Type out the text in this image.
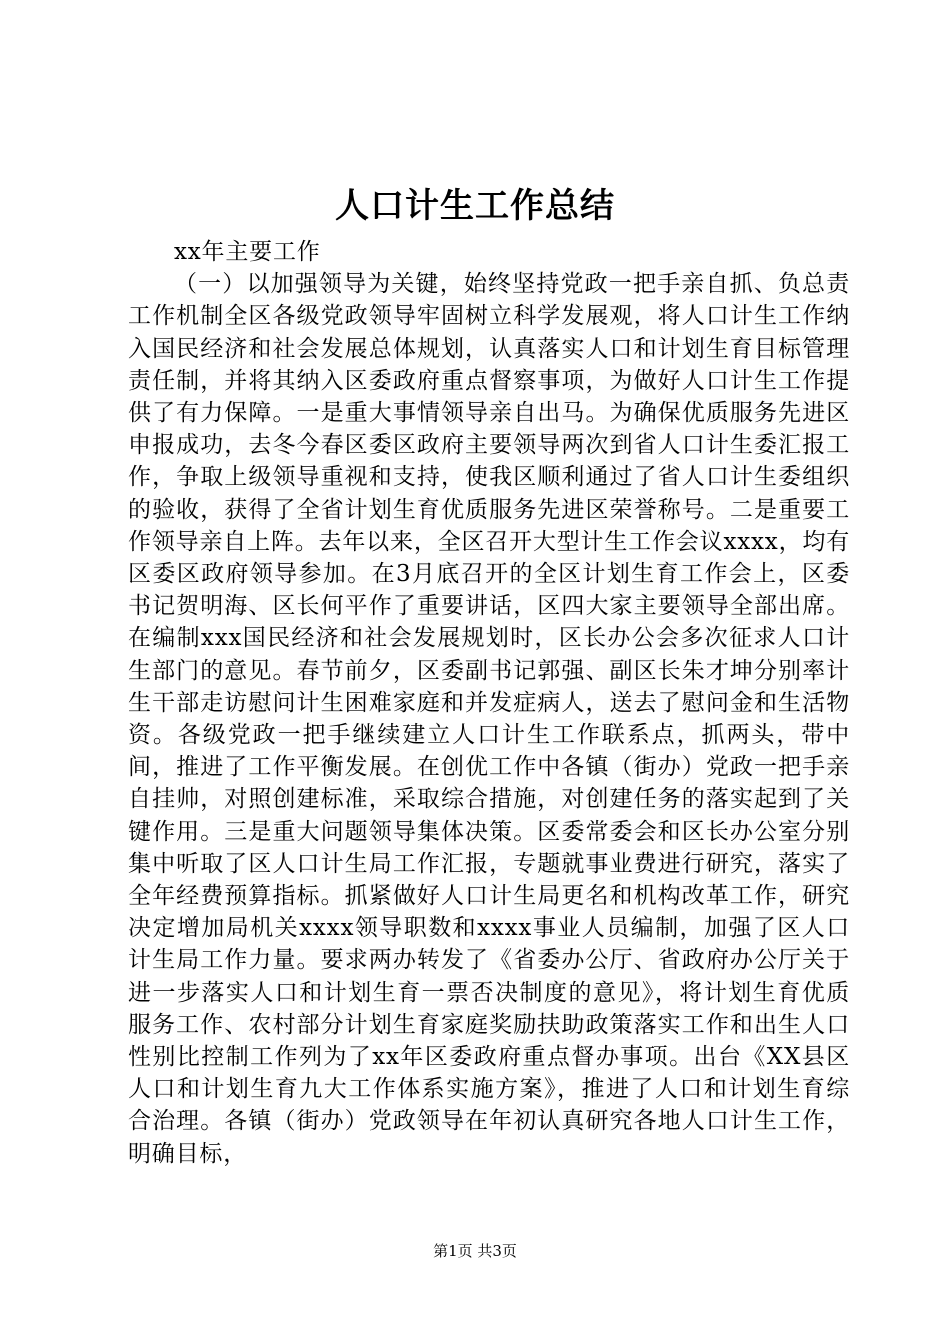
人口计生工作总结

xx年主要工作

（一）以加强领导为关键，始终坚持党政一把手亲自抓、负总责工作机制全区各级党政领导牢固树立科学发展观，将人口计生工作纳入国民经济和社会发展总体规划，认真落实人口和计划生育目标管理责任制，并将其纳入区委政府重点督察事项，为做好人口计生工作提供了有力保障。一是重大事情领导亲自出马。为确保优质服务先进区申报成功，去冬今春区委区政府主要领导两次到省人口计生委汇报工作，争取上级领导重视和支持，使我区顺利通过了省人口计生委组织的验收，获得了全省计划生育优质服务先进区荣誉称号。二是重要工作领导亲自上阵。去年以来，全区召开大型计生工作会议xxxx，均有区委区政府领导参加。在3月底召开的全区计划生育工作会上，区委书记贺明海、区长何平作了重要讲话，区四大家主要领导全部出席。在编制xxx国民经济和社会发展规划时，区长办公会多次征求人口计生部门的意见。春节前夕，区委副书记郭强、副区长朱才坤分别率计生干部走访慰问计生困难家庭和并发症病人，送去了慰问金和生活物资。各级党政一把手继续建立人口计生工作联系点，抓两头，带中间，推进了工作平衡发展。在创优工作中各镇（街办）党政一把手亲自挂帅，对照创建标准，采取综合措施，对创建任务的落实起到了关键作用。三是重大问题领导集体决策。区委常委会和区长办公室分别集中听取了区人口计生局工作汇报，专题就事业费进行研究，落实了全年经费预算指标。抓紧做好人口计生局更名和机构改革工作，研究决定增加局机关xxxx领导职数和xxxx事业人员编制，加强了区人口计生局工作力量。要求两办转发了《省委办公厅、省政府办公厅关于进一步落实人口和计划生育一票否决制度的意见》，将计划生育优质服务工作、农村部分计划生育家庭奖励扶助政策落实工作和出生人口性别比控制工作列为了xx年区委政府重点督办事项。出台《XX县区人口和计划生育九大工作体系实施方案》，推进了人口和计划生育综合治理。各镇（街办）党政领导在年初认真研究各地人口计生工作，明确目标，

第1页 共3页
